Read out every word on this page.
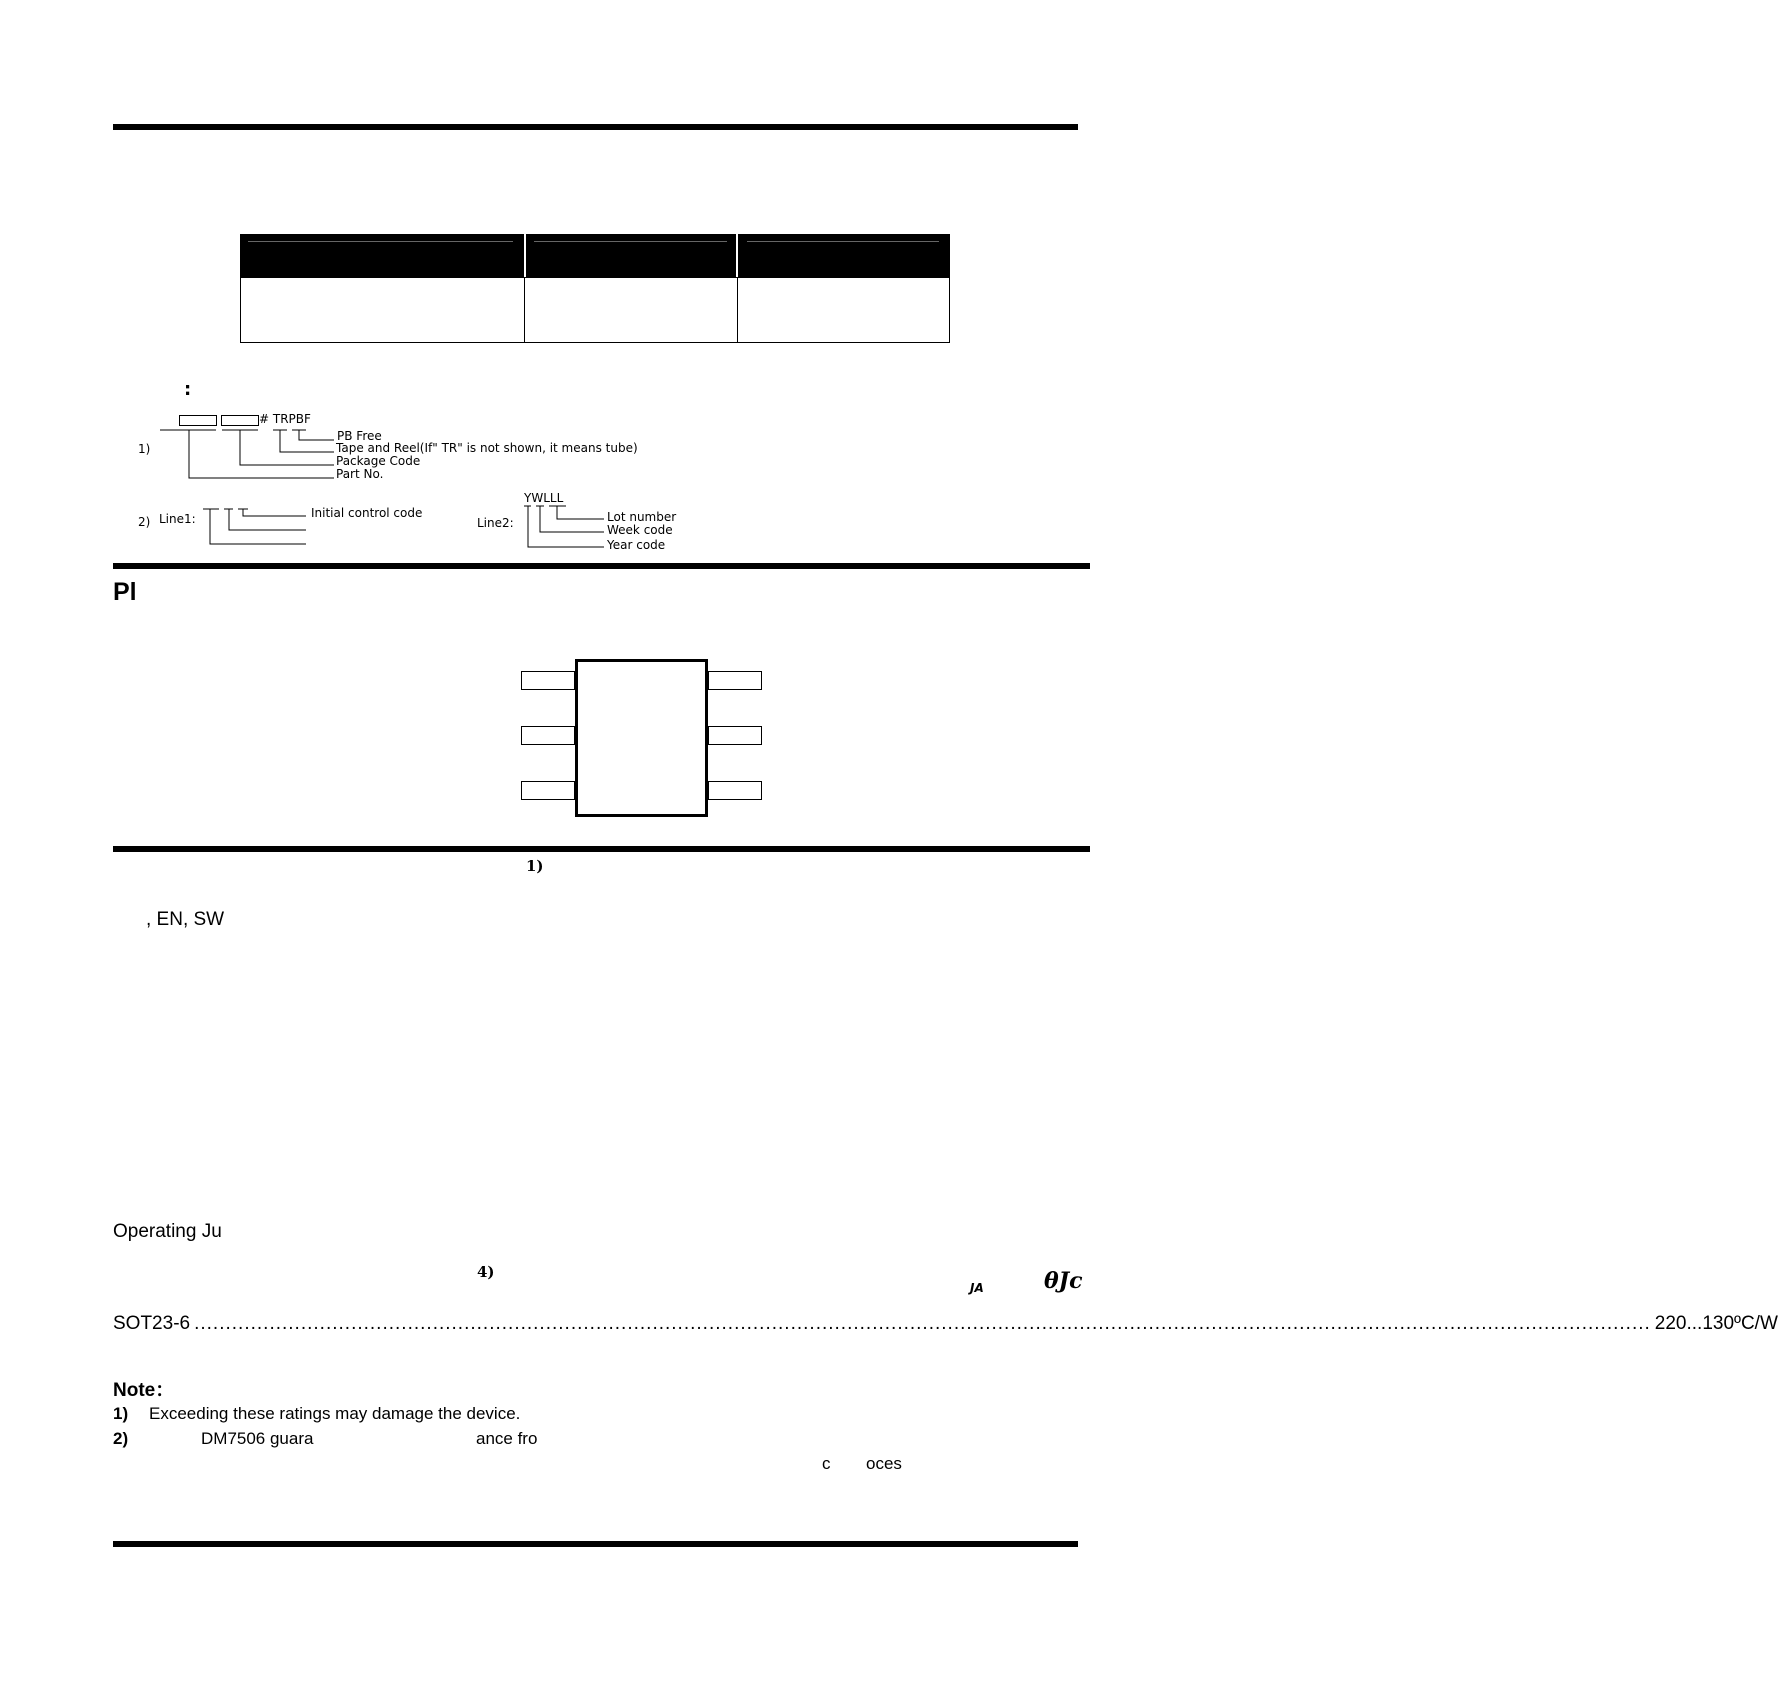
:
# TRPBF
1)
PB Free
Tape and Reel(If" TR" is not shown, it means tube)
Package Code
Part No.
2) Line1:	Initial control code
Line2:
YWLLL
Lot number
Week code
Year code
Pl
1)
, EN, SW
Operating Ju
4)
JA	θJc
SOT23-6 ........................................................................................................................................................................................................................................ 220...130ºC/W
Note：
1) Exceeding these ratings may damage the device.
2)	DM7506 guara	ance fro
c oces
